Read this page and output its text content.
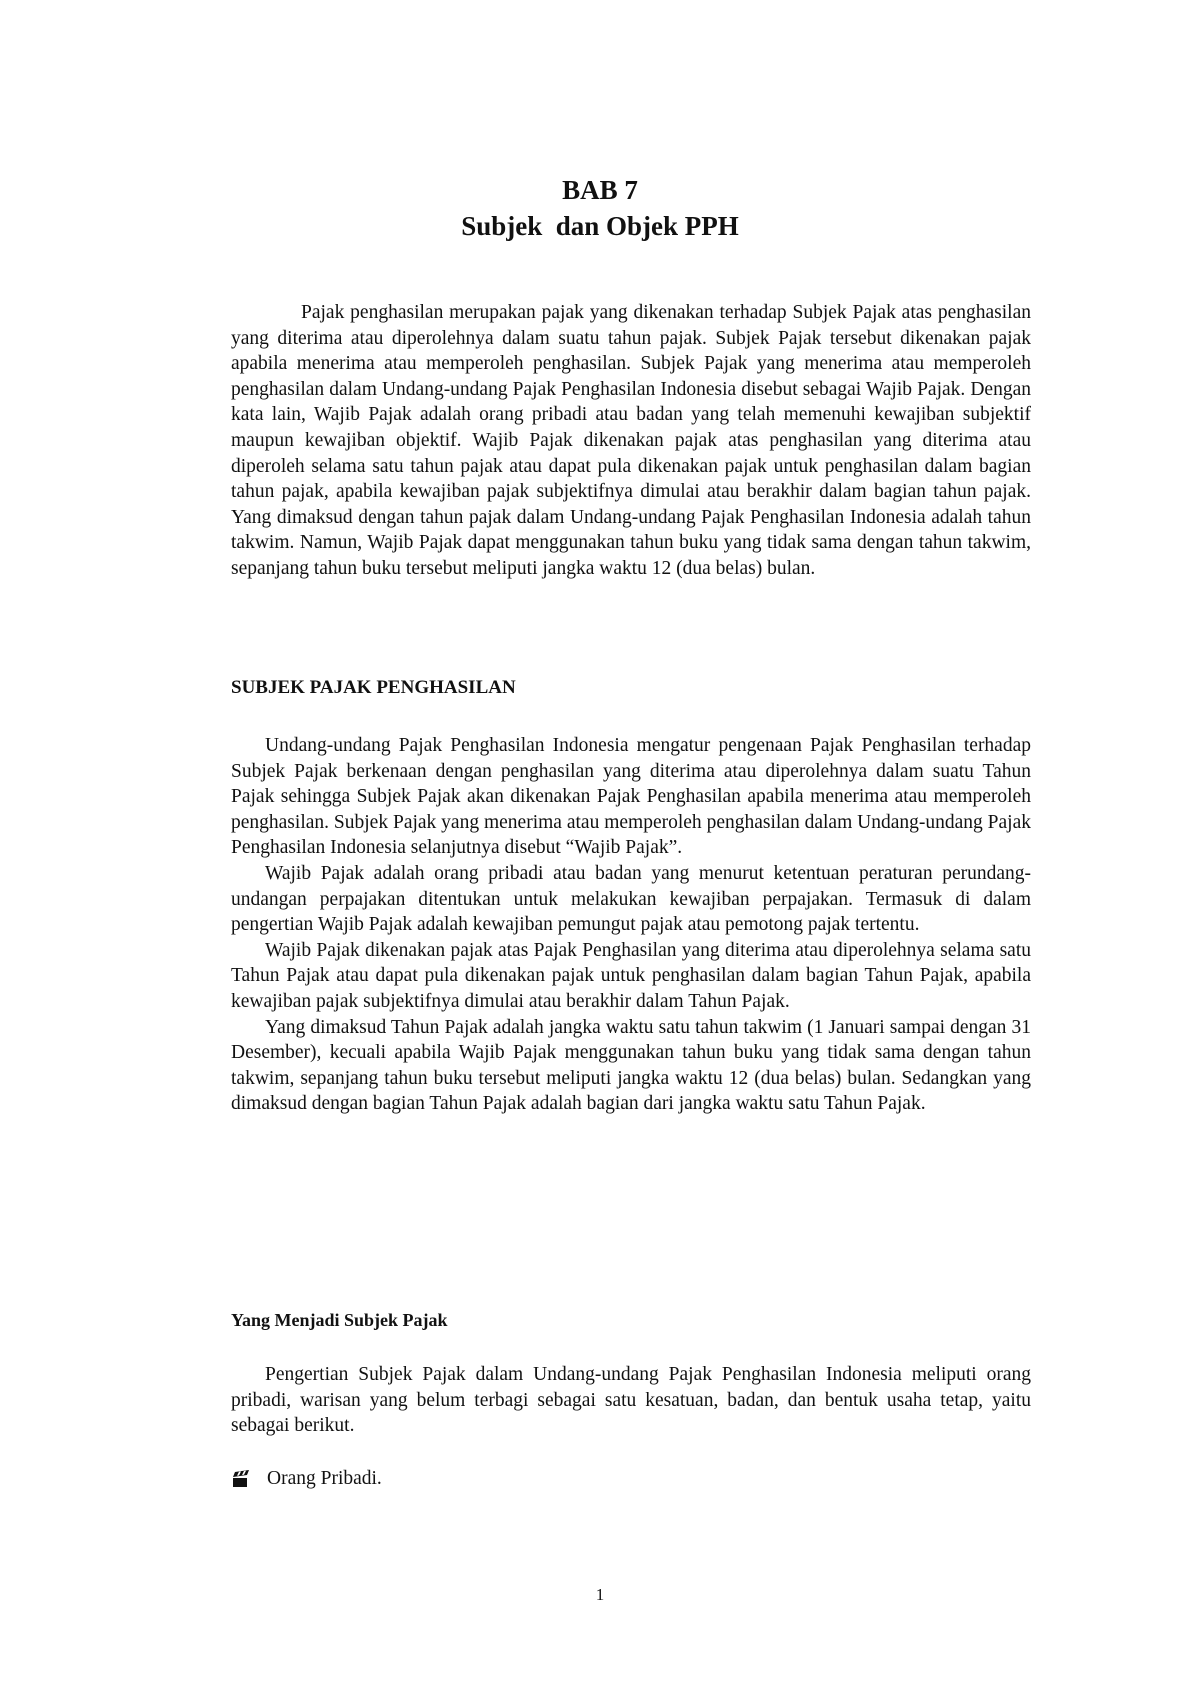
BAB 7
Subjek  dan Objek PPH

Pajak penghasilan merupakan pajak yang dikenakan terhadap Subjek Pajak atas penghasilan yang diterima atau diperolehnya dalam suatu tahun pajak. Subjek Pajak tersebut dikenakan pajak apabila menerima atau memperoleh penghasilan. Subjek Pajak yang menerima atau memperoleh penghasilan dalam Undang-undang Pajak Penghasilan Indonesia disebut sebagai Wajib Pajak. Dengan kata lain, Wajib Pajak adalah orang pribadi atau badan yang telah memenuhi kewajiban subjektif maupun kewajiban objektif. Wajib Pajak dikenakan pajak atas penghasilan yang diterima atau diperoleh selama satu tahun pajak atau dapat pula dikenakan pajak untuk penghasilan dalam bagian tahun pajak, apabila kewajiban pajak subjektifnya dimulai atau berakhir dalam bagian tahun pajak. Yang dimaksud dengan tahun pajak dalam Undang-undang Pajak Penghasilan Indonesia adalah tahun takwim. Namun, Wajib Pajak dapat menggunakan tahun buku yang tidak sama dengan tahun takwim, sepanjang tahun buku tersebut meliputi jangka waktu 12 (dua belas) bulan.

SUBJEK PAJAK PENGHASILAN

Undang-undang Pajak Penghasilan Indonesia mengatur pengenaan Pajak Penghasilan terhadap Subjek Pajak berkenaan dengan penghasilan yang diterima atau diperolehnya dalam suatu Tahun Pajak sehingga Subjek Pajak akan dikenakan Pajak Penghasilan apabila menerima atau memperoleh penghasilan. Subjek Pajak yang menerima atau memperoleh penghasilan dalam Undang-undang Pajak Penghasilan Indonesia selanjutnya disebut “Wajib Pajak”.

Wajib Pajak adalah orang pribadi atau badan yang menurut ketentuan peraturan perundang-undangan perpajakan ditentukan untuk melakukan kewajiban perpajakan. Termasuk di dalam pengertian Wajib Pajak adalah kewajiban pemungut pajak atau pemotong pajak tertentu.

Wajib Pajak dikenakan pajak atas Pajak Penghasilan yang diterima atau diperolehnya selama satu Tahun Pajak atau dapat pula dikenakan pajak untuk penghasilan dalam bagian Tahun Pajak, apabila kewajiban pajak subjektifnya dimulai atau berakhir dalam Tahun Pajak.

Yang dimaksud Tahun Pajak adalah jangka waktu satu tahun takwim (1 Januari sampai dengan 31 Desember), kecuali apabila Wajib Pajak menggunakan tahun buku yang tidak sama dengan tahun takwim, sepanjang tahun buku tersebut meliputi jangka waktu 12 (dua belas) bulan. Sedangkan yang dimaksud dengan bagian Tahun Pajak adalah bagian dari jangka waktu satu Tahun Pajak.

Yang Menjadi Subjek Pajak

Pengertian Subjek Pajak dalam Undang-undang Pajak Penghasilan Indonesia meliputi orang pribadi, warisan yang belum terbagi sebagai satu kesatuan, badan, dan bentuk usaha tetap, yaitu sebagai berikut.

Orang Pribadi.
1
